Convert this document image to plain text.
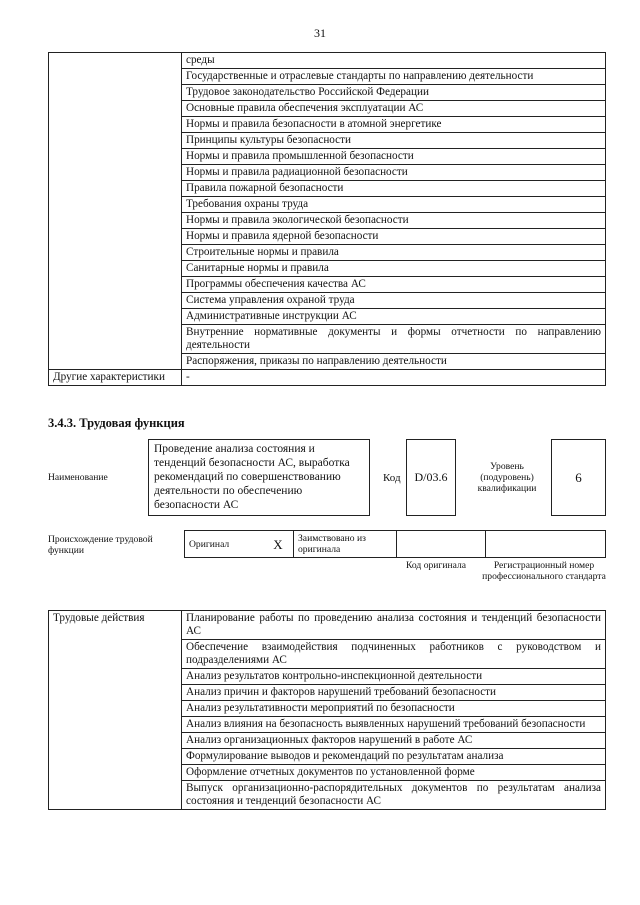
31
	среды
	Государственные и отраслевые стандарты по направлению деятельности
	Трудовое законодательство Российской Федерации
	Основные правила обеспечения эксплуатации АС
	Нормы и правила безопасности в атомной энергетике
	Принципы культуры безопасности
	Нормы и правила промышленной безопасности
	Нормы и правила радиационной безопасности
	Правила пожарной безопасности
	Требования охраны труда
	Нормы и правила экологической безопасности
	Нормы и правила ядерной безопасности
	Строительные нормы и правила
	Санитарные нормы и правила
	Программы обеспечения качества АС
	Система управления охраной труда
	Административные инструкции АС
	Внутренние нормативные документы и формы отчетности по направлению деятельности
	Распоряжения, приказы по направлению деятельности
Другие характеристики	-
3.4.3. Трудовая функция
Наименование
Проведение анализа состояния и тенденций безопасности АС, выработка рекомендаций по совершенствованию деятельности по обеспечению безопасности АС
Код	D/03.6
Уровень (подуровень) квалификации
6
Происхождение трудовой функции
Оригинал	X	Заимствовано из оригинала		
Код оригинала	Регистрационный номер профессионального стандарта
Трудовые действия	Планирование работы по проведению анализа состояния и тенденций безопасности АС
Обеспечение взаимодействия подчиненных работников с руководством и подразделениями АС
Анализ результатов контрольно-инспекционной деятельности
Анализ причин и факторов нарушений требований безопасности
Анализ результативности мероприятий по безопасности
Анализ влияния на безопасность выявленных нарушений требований безопасности
Анализ организационных факторов нарушений в работе АС
Формулирование выводов и рекомендаций по результатам анализа
Оформление отчетных документов по установленной форме
Выпуск организационно-распорядительных документов по результатам анализа состояния и тенденций безопасности АС
